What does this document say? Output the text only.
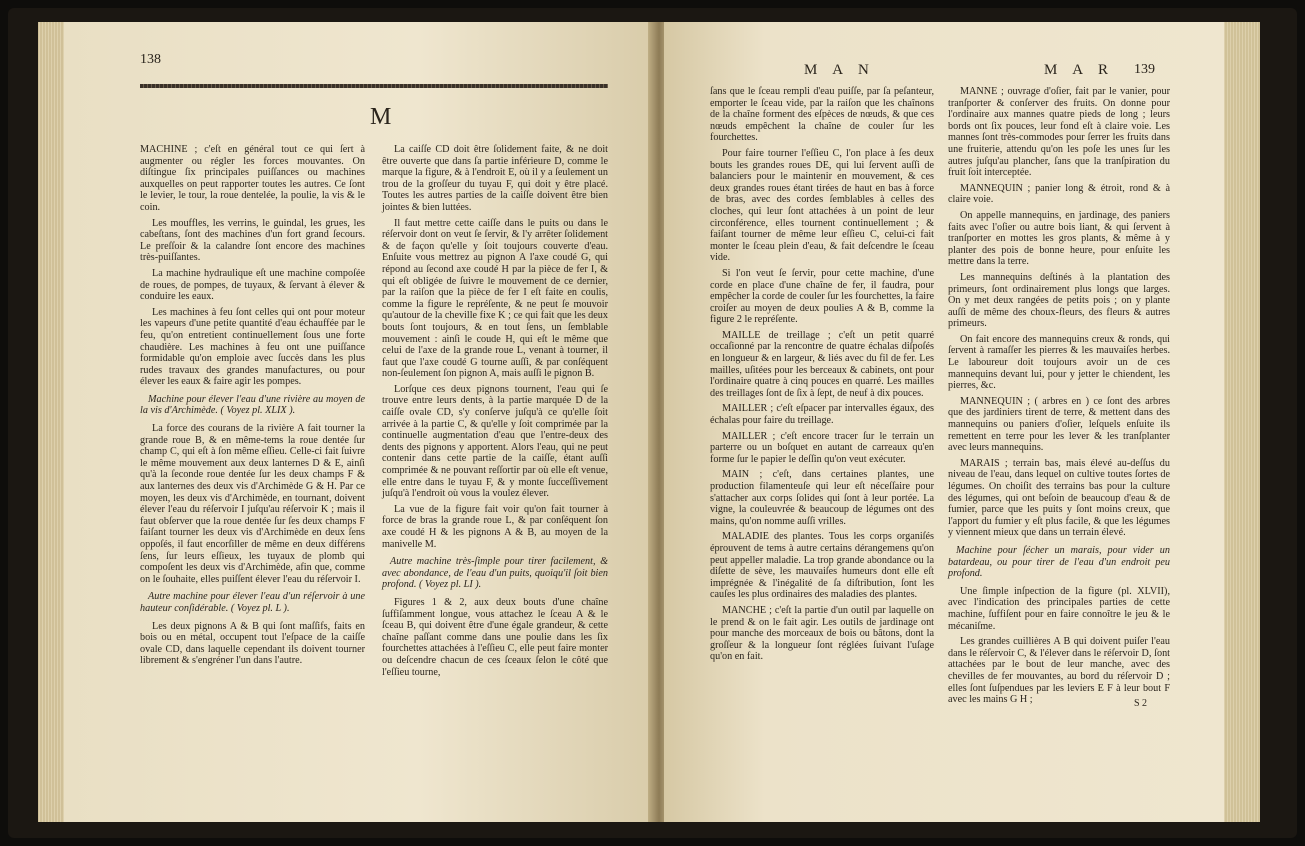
138
M

MACHINE ; c'eſt en général tout ce qui ſert à augmenter ou régler les forces mouvantes. On diſtingue ſix principales puiſſances ou machines auxquelles on peut rapporter toutes les autres. Ce ſont le levier, le tour, la roue dentelée, la poulie, la vis & le coin.

Les mouffles, les verrins, le guindal, les grues, les cabeſtans, ſont des machines d'un fort grand ſecours. Le preſſoir & la calandre ſont encore des machines très-puiſſantes.

La machine hydraulique eſt une machine compoſée de roues, de pompes, de tuyaux, & ſervant à élever & conduire les eaux.

Les machines à feu ſont celles qui ont pour moteur les vapeurs d'une petite quantité d'eau échauffée par le feu, qu'on entretient continuellement ſous une forte chaudière. Les machines à feu ont une puiſſance formidable qu'on emploie avec ſuccès dans les plus rudes travaux des grandes manufactures, ou pour élever les eaux & faire agir les pompes.

Machine pour élever l'eau d'une rivière au moyen de la vis d'Archimède. ( Voyez pl. XLIX ).

La force des courans de la rivière A fait tourner la grande roue B, & en même-tems la roue dentée ſur champ C, qui eſt à ſon même eſſieu. Celle-ci fait ſuivre le même mouvement aux deux lanternes D & E, ainſi qu'à la ſeconde roue dentée ſur les deux champs F & aux lanternes des deux vis d'Archimède G & H. Par ce moyen, les deux vis d'Archimède, en tournant, doivent élever l'eau du réſervoir I juſqu'au réſervoir K ; mais il faut obſerver que la roue dentée ſur ſes deux champs F faiſant tourner les deux vis d'Archimède en deux ſens oppoſés, il faut encorſiller de même en deux différens ſens, ſur leurs eſſieux, les tuyaux de plomb qui compoſent les deux vis d'Archimède, afin que, comme on le ſouhaite, elles puiſſent élever l'eau du réſervoir I.

Autre machine pour élever l'eau d'un réſervoir à une hauteur conſidérable. ( Voyez pl. L ).

Les deux pignons A & B qui ſont maſſifs, faits en bois ou en métal, occupent tout l'eſpace de la caiſſe ovale CD, dans laquelle cependant ils doivent tourner librement & s'engréner l'un dans l'autre.

La caiſſe CD doit être ſolidement faite, & ne doit être ouverte que dans ſa partie inférieure D, comme le marque la figure, & à l'endroit E, où il y a ſeulement un trou de la groſſeur du tuyau F, qui doit y être placé. Toutes les autres parties de la caiſſe doivent être bien jointes & bien luttées.

Il faut mettre cette caiſſe dans le puits ou dans le réſervoir dont on veut ſe ſervir, & l'y arrêter ſolidement & de façon qu'elle y ſoit toujours couverte d'eau. Enſuite vous mettrez au pignon A l'axe coudé G, qui répond au ſecond axe coudé H par la pièce de fer I, & qui eſt obligée de ſuivre le mouvement de ce dernier, par la raiſon que la pièce de fer I eſt faite en coulis, comme la figure le repréſente, & ne peut ſe mouvoir qu'autour de la cheville fixe K ; ce qui fait que les deux bouts ſont toujours, & en tout ſens, un ſemblable mouvement : ainſi le coude H, qui eſt le même que celui de l'axe de la grande roue L, venant à tourner, il faut que l'axe coudé G tourne auſſi, & par conſéquent non-ſeulement ſon pignon A, mais auſſi le pignon B.

Lorſque ces deux pignons tournent, l'eau qui ſe trouve entre leurs dents, à la partie marquée D de la caiſſe ovale CD, s'y conſerve juſqu'à ce qu'elle ſoit arrivée à la partie C, & qu'elle y ſoit comprimée par la continuelle augmentation d'eau que l'entre-deux des dents des pignons y apportent. Alors l'eau, qui ne peut contenir dans cette partie de la caiſſe, étant auſſi comprimée & ne pouvant reſſortir par où elle eſt venue, elle entre dans le tuyau F, & y monte ſucceſſivement juſqu'à l'endroit où vous la voulez élever.

La vue de la figure fait voir qu'on fait tourner à force de bras la grande roue L, & par conſéquent ſon axe coudé H & les pignons A & B, au moyen de la manivelle M.

Autre machine très-ſimple pour tirer facilement, & avec abondance, de l'eau d'un puits, quoiqu'il ſoit bien profond. ( Voyez pl. LI ).

Figures 1 & 2, aux deux bouts d'une chaîne ſuffiſamment longue, vous attachez le ſceau A & le ſceau B, qui doivent être d'une égale grandeur, & cette chaîne paſſant comme dans une poulie dans les ſix fourchettes attachées à l'eſſieu C, elle peut faire monter ou deſcendre chacun de ces ſceaux ſelon le côté que l'eſſieu tourne,

M A N	M A R 139

ſans que le ſceau rempli d'eau puiſſe, par ſa peſanteur, emporter le ſceau vide, par la raiſon que les chaînons de la chaîne forment des eſpèces de nœuds, & que ces nœuds empêchent la chaîne de couler ſur les fourchettes.

Pour faire tourner l'eſſieu C, l'on place à ſes deux bouts les grandes roues DE, qui lui ſervent auſſi de balanciers pour le maintenir en mouvement, & ces deux grandes roues étant tirées de haut en bas à force de bras, avec des cordes ſemblables à celles des cloches, qui leur ſont attachées à un point de leur circonférence, elles tournent continuellement ; & faiſant tourner de même leur eſſieu C, celui-ci fait monter le ſceau plein d'eau, & fait deſcendre le ſceau vide.

Si l'on veut ſe ſervir, pour cette machine, d'une corde en place d'une chaîne de fer, il faudra, pour empêcher la corde de couler ſur les fourchettes, la faire croiſer au moyen de deux poulies A & B, comme la figure 2 le repréſente.

MAILLE de treillage ; c'eſt un petit quarré occaſionné par la rencontre de quatre échalas diſpoſés en longueur & en largeur, & liés avec du fil de fer. Les mailles, uſitées pour les berceaux & cabinets, ont pour l'ordinaire quatre à cinq pouces en quarré. Les mailles des treillages ſont de ſix à ſept, de neuf à dix pouces.

MAILLER ; c'eſt eſpacer par intervalles égaux, des échalas pour faire du treillage.

MAILLER ; c'eſt encore tracer ſur le terrain un parterre ou un boſquet en autant de carreaux qu'en forme ſur le papier le deſſin qu'on veut exécuter.

MAIN ; c'eſt, dans certaines plantes, une production filamenteuſe qui leur eſt néceſſaire pour s'attacher aux corps ſolides qui ſont à leur portée. La vigne, la couleuvrée & beaucoup de légumes ont des mains, qu'on nomme auſſi vrilles.

MALADIE des plantes. Tous les corps organiſés éprouvent de tems à autre certains dérangemens qu'on peut appeller maladie. La trop grande abondance ou la diſette de sève, les mauvaiſes humeurs dont elle eſt imprégnée & l'inégalité de ſa diſtribution, ſont les cauſes les plus ordinaires des maladies des plantes.

MANCHE ; c'eſt la partie d'un outil par laquelle on le prend & on le fait agir. Les outils de jardinage ont pour manche des morceaux de bois ou bâtons, dont la groſſeur & la longueur ſont réglées ſuivant l'uſage qu'on en fait.

MANNE ; ouvrage d'oſier, fait par le vanier, pour tranſporter & conſerver des fruits. On donne pour l'ordinaire aux mannes quatre pieds de long ; leurs bords ont ſix pouces, leur fond eſt à claire voie. Les mannes ſont très-commodes pour ſerrer les fruits dans une fruiterie, attendu qu'on les poſe les unes ſur les autres juſqu'au plancher, ſans que la tranſpiration du fruit ſoit interceptée.

MANNEQUIN ; panier long & étroit, rond & à claire voie.

On appelle mannequins, en jardinage, des paniers faits avec l'oſier ou autre bois liant, & qui ſervent à tranſporter en mottes les gros plants, & même à y planter des pois de bonne heure, pour enſuite les mettre dans la terre.

Les mannequins deſtinés à la plantation des primeurs, ſont ordinairement plus longs que larges. On y met deux rangées de petits pois ; on y plante auſſi de même des choux-fleurs, des fleurs & autres primeurs.

On fait encore des mannequins creux & ronds, qui ſervent à ramaſſer les pierres & les mauvaiſes herbes. Le laboureur doit toujours avoir un de ces mannequins devant lui, pour y jetter le chiendent, les pierres, &c.

MANNEQUIN ; ( arbres en ) ce ſont des arbres que des jardiniers tirent de terre, & mettent dans des mannequins ou paniers d'oſier, leſquels enſuite ils remettent en terre pour les lever & les tranſplanter avec leurs mannequins.

MARAIS ; terrain bas, mais élevé au-deſſus du niveau de l'eau, dans lequel on cultive toutes ſortes de légumes. On choiſit des terrains bas pour la culture des légumes, qui ont beſoin de beaucoup d'eau & de fumier, parce que les puits y ſont moins creux, que l'apport du fumier y eſt plus facile, & que les légumes y viennent mieux que dans un terrain élevé.

Machine pour ſécher un marais, pour vider un batardeau, ou pour tirer de l'eau d'un endroit peu profond.

Une ſimple inſpection de la figure (pl. XLVII), avec l'indication des principales parties de cette machine, ſuffiſent pour en faire connoître le jeu & le mécaniſme.

Les grandes cuillières A B qui doivent puiſer l'eau dans le réſervoir C, & l'élever dans le réſervoir D, ſont attachées par le bout de leur manche, avec des chevilles de fer mouvantes, au bord du réſervoir D ; elles ſont ſuſpendues par les leviers E F à leur bout F avec les mains G H ;	S 2
